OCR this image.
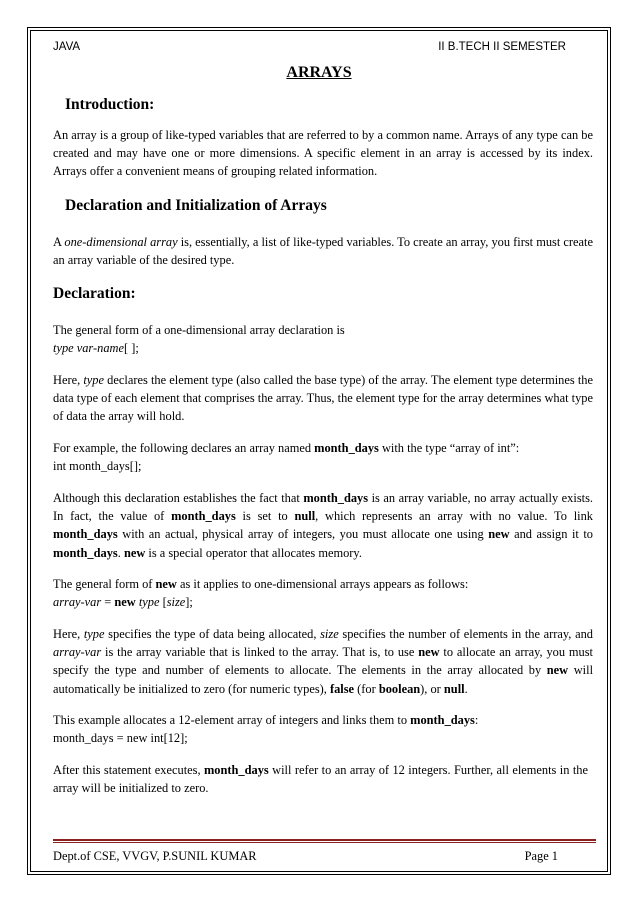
JAVA	II B.TECH II SEMESTER
ARRAYS
Introduction:

An array is a group of like-typed variables that are referred to by a common name. Arrays of any type can be created and may have one or more dimensions. A specific element in an array is accessed by its index. Arrays offer a convenient means of grouping related information.

Declaration and Initialization of Arrays

A one-dimensional array is, essentially, a list of like-typed variables. To create an array, you first must create an array variable of the desired type.

Declaration:
The general form of a one-dimensional array declaration is
type var-name[ ];

Here, type declares the element type (also called the base type) of the array. The element type determines the data type of each element that comprises the array. Thus, the element type for the array determines what type of data the array will hold.

For example, the following declares an array named month_days with the type “array of int”:
int month_days[];

Although this declaration establishes the fact that month_days is an array variable, no array actually exists. In fact, the value of month_days is set to null, which represents an array with no value. To link month_days with an actual, physical array of integers, you must allocate one using new and assign it to month_days. new is a special operator that allocates memory.

The general form of new as it applies to one-dimensional arrays appears as follows:
array-var = new type [size];

Here, type specifies the type of data being allocated, size specifies the number of elements in the array, and array-var is the array variable that is linked to the array. That is, to use new to allocate an array, you must specify the type and number of elements to allocate. The elements in the array allocated by new will automatically be initialized to zero (for numeric types), false (for boolean), or null.

This example allocates a 12-element array of integers and links them to month_days:
month_days = new int[12];

After this statement executes, month_days will refer to an array of 12 integers. Further, all elements in the array will be initialized to zero.

Dept.of CSE, VVGV, P.SUNIL KUMAR	Page 1
